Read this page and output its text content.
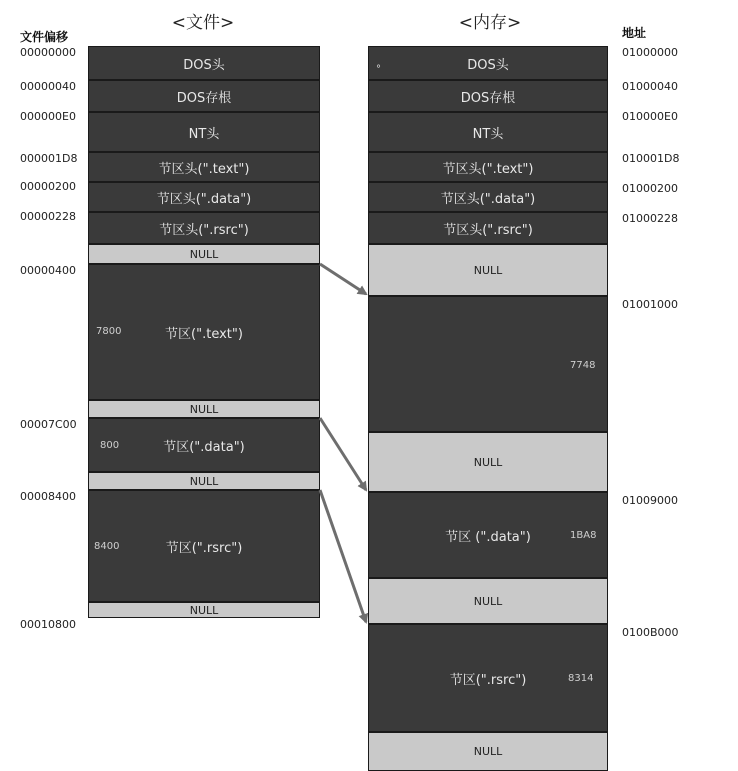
<文件>	<内存>
文件偏移	地址
00000000
00000040
000000E0
000001D8
00000200
00000228
00000400
00007C00
00008400
00010800
DOS头
DOS存根
NT头
节区头(".text")
节区头(".data")
节区头(".rsrc")
NULL
节区(".text")
NULL
节区(".data")
NULL
节区(".rsrc")
NULL
7800
800
8400
DOS头
°
DOS存根
NT头
节区头(".text")
节区头(".data")
节区头(".rsrc")
NULL
NULL
节区 (".data")
NULL
节区(".rsrc")
NULL
7748
1BA8
8314
01000000
01000040
010000E0
010001D8
01000200
01000228
01001000
01009000
0100B000
